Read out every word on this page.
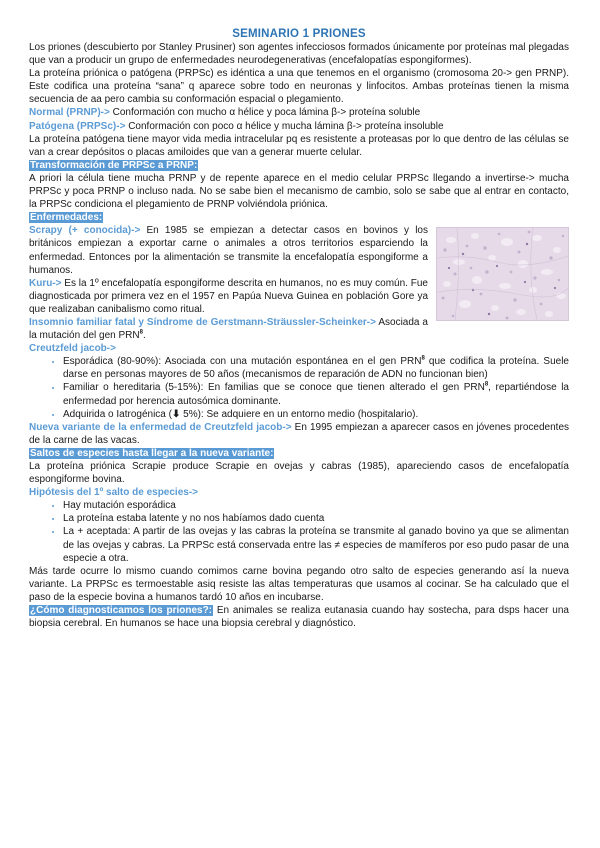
SEMINARIO 1 PRIONES

Los priones (descubierto por Stanley Prusiner) son agentes infecciosos formados únicamente por proteínas mal plegadas que van a producir un grupo de enfermedades neurodegenerativas (encefalopatías espongiformes).

La proteína priónica o patógena (PRPSc) es idéntica a una que tenemos en el organismo (cromosoma 20-> gen PRNP). Este codifica una proteína “sana” q aparece sobre todo en neuronas y linfocitos. Ambas proteínas tienen la misma secuencia de aa pero cambia su conformación espacial o plegamiento.

Normal (PRNP)-> Conformación con mucho α hélice y poca lámina β-> proteína soluble

Patógena (PRPSc)-> Conformación con poco α hélice y mucha lámina β-> proteína insoluble

La proteína patógena tiene mayor vida media intracelular pq es resistente a proteasas por lo que dentro de las células se van a crear depósitos o placas amiloides que van a generar muerte celular.

Transformación de PRPSc a PRNP:

A priori la célula tiene mucha PRNP y de repente aparece en el medio celular PRPSc llegando a invertirse-> mucha PRPSc y poca PRNP o incluso nada. No se sabe bien el mecanismo de cambio, solo se sabe que al entrar en contacto, la PRPSc condiciona el plegamiento de PRNP volviéndola priónica.

Enfermedades:

Scrapy (+ conocida)-> En 1985 se empiezan a detectar casos en bovinos y los británicos empiezan a exportar carne o animales a otros territorios esparciendo la enfermedad. Entonces por la alimentación se transmite la encefalopatía espongiforme a humanos.

Kuru-> Es la 1º encefalopatía espongiforme descrita en humanos, no es muy común. Fue diagnosticada por primera vez en el 1957 en Papúa Nueva Guinea en población Gore ya que realizaban canibalismo como ritual.

Insomnio familiar fatal y Síndrome de Gerstmann-Sträussler-Scheinker-> Asociada a la mutación del gen PRN$^8$.

Creutzfeld jacob->

• Esporádica (80-90%): Asociada con una mutación espontánea en el gen PRN$^8$ que codifica la proteína. Suele darse en personas mayores de 50 años (mecanismos de reparación de ADN no funcionan bien)
• Familiar o hereditaria (5-15%): En familias que se conoce que tienen alterado el gen PRN$^8$, repartiéndose la enfermedad por herencia autosómica dominante.
• Adquirida o Iatrogénica (⬇ 5%): Se adquiere en un entorno medio (hospitalario).

Nueva variante de la enfermedad de Creutzfeld jacob-> En 1995 empiezan a aparecer casos en jóvenes procedentes de la carne de las vacas.

Saltos de especies hasta llegar a la nueva variante:

La proteína priónica Scrapie produce Scrapie en ovejas y cabras (1985), apareciendo casos de encefalopatía espongiforme bovina.

Hipótesis del 1º salto de especies->

• Hay mutación esporádica
• La proteína estaba latente y no nos habíamos dado cuenta
• La + aceptada: A partir de las ovejas y las cabras la proteína se transmite al ganado bovino ya que se alimentan de las ovejas y cabras. La PRPSc está conservada entre las ≠ especies de mamíferos por eso pudo pasar de una especie a otra.

Más tarde ocurre lo mismo cuando comimos carne bovina pegando otro salto de especies generando así la nueva variante. La PRPSc es termoestable asiq resiste las altas temperaturas que usamos al cocinar. Se ha calculado que el paso de la especie bovina a humanos tardó 10 años en incubarse.

¿Cómo diagnosticamos los priones?: En animales se realiza eutanasia cuando hay sostecha, para dsps hacer una biopsia cerebral. En humanos se hace una biopsia cerebral y diagnóstico.
